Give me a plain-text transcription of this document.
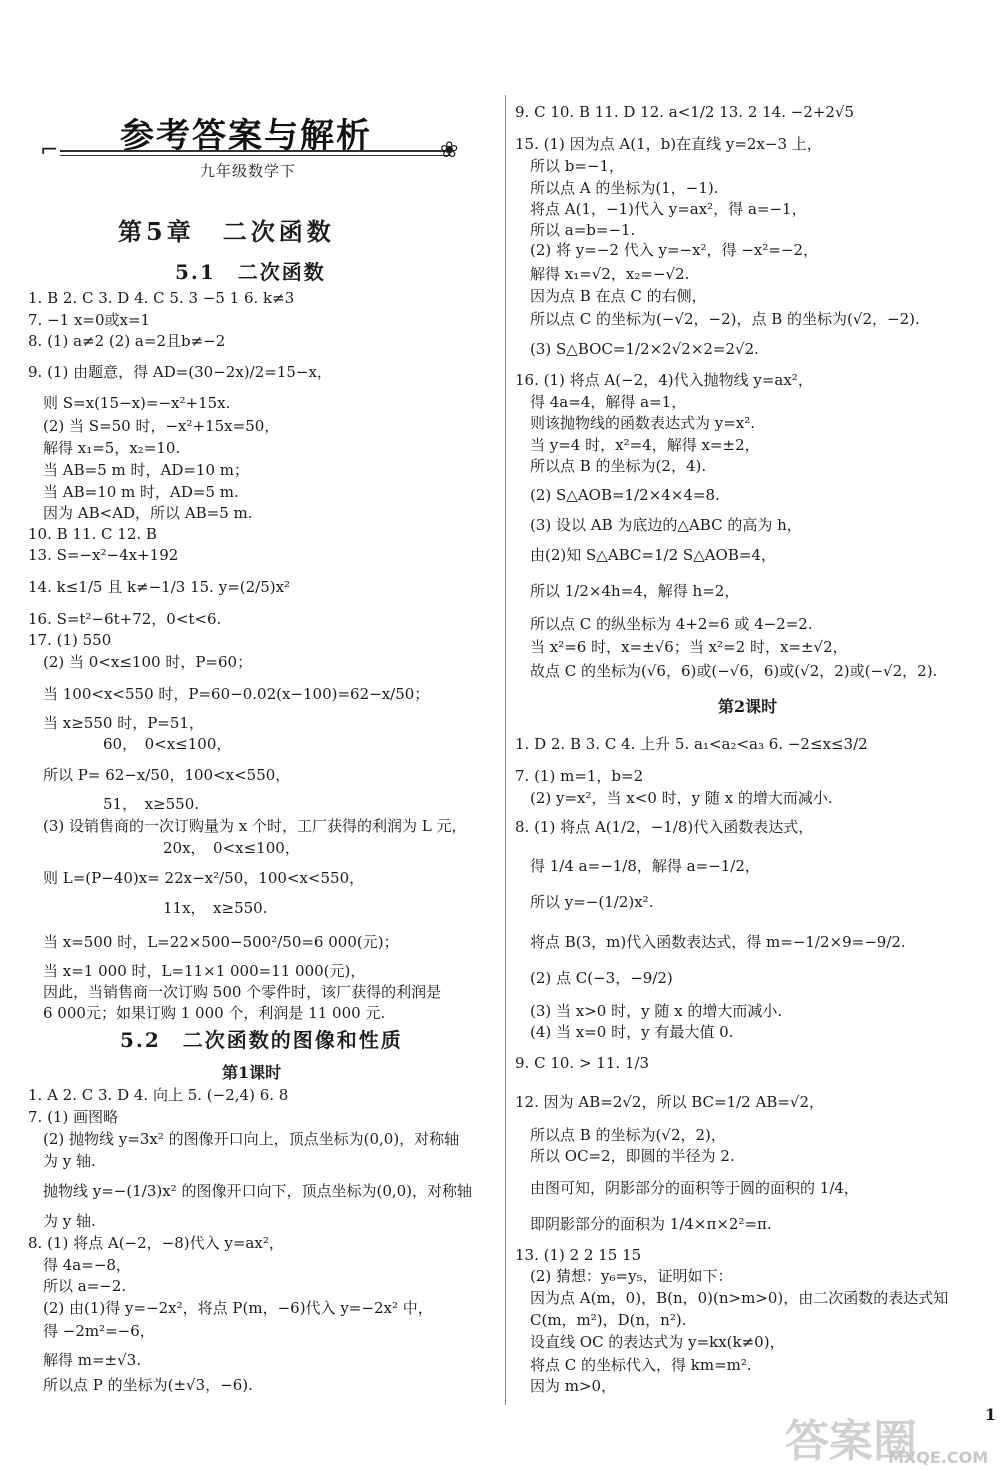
参考答案与解析
⌐	❀
九年级数学下
第5章　二次函数
5.1　二次函数
5.2　二次函数的图像和性质
第1课时
第2课时
1. B 2. C 3. D 4. C 5. 3 −5 1 6. k≠3
7. −1 x=0或x=1
8. (1) a≠2 (2) a=2且b≠−2
9. (1) 由题意，得 AD=(30−2x)/2=15−x，
　则 S=x(15−x)=−x²+15x.
　(2) 当 S=50 时，−x²+15x=50，
　解得 x₁=5，x₂=10.
　当 AB=5 m 时，AD=10 m；
　当 AB=10 m 时，AD=5 m.
　因为 AB<AD，所以 AB=5 m.
10. B 11. C 12. B
13. S=−x²−4x+192
14. k≤1/5 且 k≠−1/3 15. y=(2/5)x²
16. S=t²−6t+72，0<t<6.
17. (1) 550
　(2) 当 0<x≤100 时，P=60；
　当 100<x<550 时，P=60−0.02(x−100)=62−x/50；
　当 x≥550 时，P=51，
　　　　　60，　0<x≤100，
　所以 P= 62−x/50，100<x<550，
　　　　　51，　x≥550.
　(3) 设销售商的一次订购量为 x 个时，工厂获得的利润为 L 元，
　　　　　　　　　20x，　0<x≤100，
　则 L=(P−40)x= 22x−x²/50，100<x<550，
　　　　　　　　　11x，　x≥550.
　当 x=500 时，L=22×500−500²/50=6 000(元)；
　当 x=1 000 时，L=11×1 000=11 000(元)，
　因此，当销售商一次订购 500 个零件时，该厂获得的利润是
　6 000元；如果订购 1 000 个，利润是 11 000 元.
1. A 2. C 3. D 4. 向上 5. (−2,4) 6. 8
7. (1) 画图略
　(2) 抛物线 y=3x² 的图像开口向上，顶点坐标为(0,0)，对称轴
　为 y 轴.
　抛物线 y=−(1/3)x² 的图像开口向下，顶点坐标为(0,0)，对称轴
　为 y 轴.
8. (1) 将点 A(−2，−8)代入 y=ax²，
　得 4a=−8，
　所以 a=−2.
　(2) 由(1)得 y=−2x²，将点 P(m，−6)代入 y=−2x² 中，
　得 −2m²=−6，
　解得 m=±√3.
　所以点 P 的坐标为(±√3，−6).
9. C 10. B 11. D 12. a<1/2 13. 2 14. −2+2√5
15. (1) 因为点 A(1，b)在直线 y=2x−3 上，
　所以 b=−1，
　所以点 A 的坐标为(1，−1).
　将点 A(1，−1)代入 y=ax²，得 a=−1，
　所以 a=b=−1.
　(2) 将 y=−2 代入 y=−x²，得 −x²=−2，
　解得 x₁=√2，x₂=−√2.
　因为点 B 在点 C 的右侧，
　所以点 C 的坐标为(−√2，−2)，点 B 的坐标为(√2，−2).
　(3) S△BOC=1/2×2√2×2=2√2.
16. (1) 将点 A(−2，4)代入抛物线 y=ax²，
　得 4a=4，解得 a=1，
　则该抛物线的函数表达式为 y=x².
　当 y=4 时，x²=4，解得 x=±2，
　所以点 B 的坐标为(2，4).
　(2) S△AOB=1/2×4×4=8.
　(3) 设以 AB 为底边的△ABC 的高为 h，
　由(2)知 S△ABC=1/2 S△AOB=4，
　所以 1/2×4h=4，解得 h=2，
　所以点 C 的纵坐标为 4+2=6 或 4−2=2.
　当 x²=6 时，x=±√6；当 x²=2 时，x=±√2，
　故点 C 的坐标为(√6，6)或(−√6，6)或(√2，2)或(−√2，2).
1. D 2. B 3. C 4. 上升 5. a₁<a₂<a₃ 6. −2≤x≤3/2
7. (1) m=1，b=2
　(2) y=x²，当 x<0 时，y 随 x 的增大而减小.
8. (1) 将点 A(1/2，−1/8)代入函数表达式，
　得 1/4 a=−1/8，解得 a=−1/2，
　所以 y=−(1/2)x².
　将点 B(3，m)代入函数表达式，得 m=−1/2×9=−9/2.
　(2) 点 C(−3，−9/2)
　(3) 当 x>0 时，y 随 x 的增大而减小.
　(4) 当 x=0 时，y 有最大值 0.
9. C 10. > 11. 1/3
12. 因为 AB=2√2，所以 BC=1/2 AB=√2，
　所以点 B 的坐标为(√2，2)，
　所以 OC=2，即圆的半径为 2.
　由图可知，阴影部分的面积等于圆的面积的 1/4，
　即阴影部分的面积为 1/4×π×2²=π.
13. (1) 2 2 15 15
　(2) 猜想：y₆=y₅，证明如下：
　因为点 A(m，0)，B(n，0)(n>m>0)，由二次函数的表达式知
　C(m，m²)，D(n，n²).
　设直线 OC 的表达式为 y=kx(k≠0)，
　将点 C 的坐标代入，得 km=m².
　因为 m>0，
1
答案圈
MXQE.COM
